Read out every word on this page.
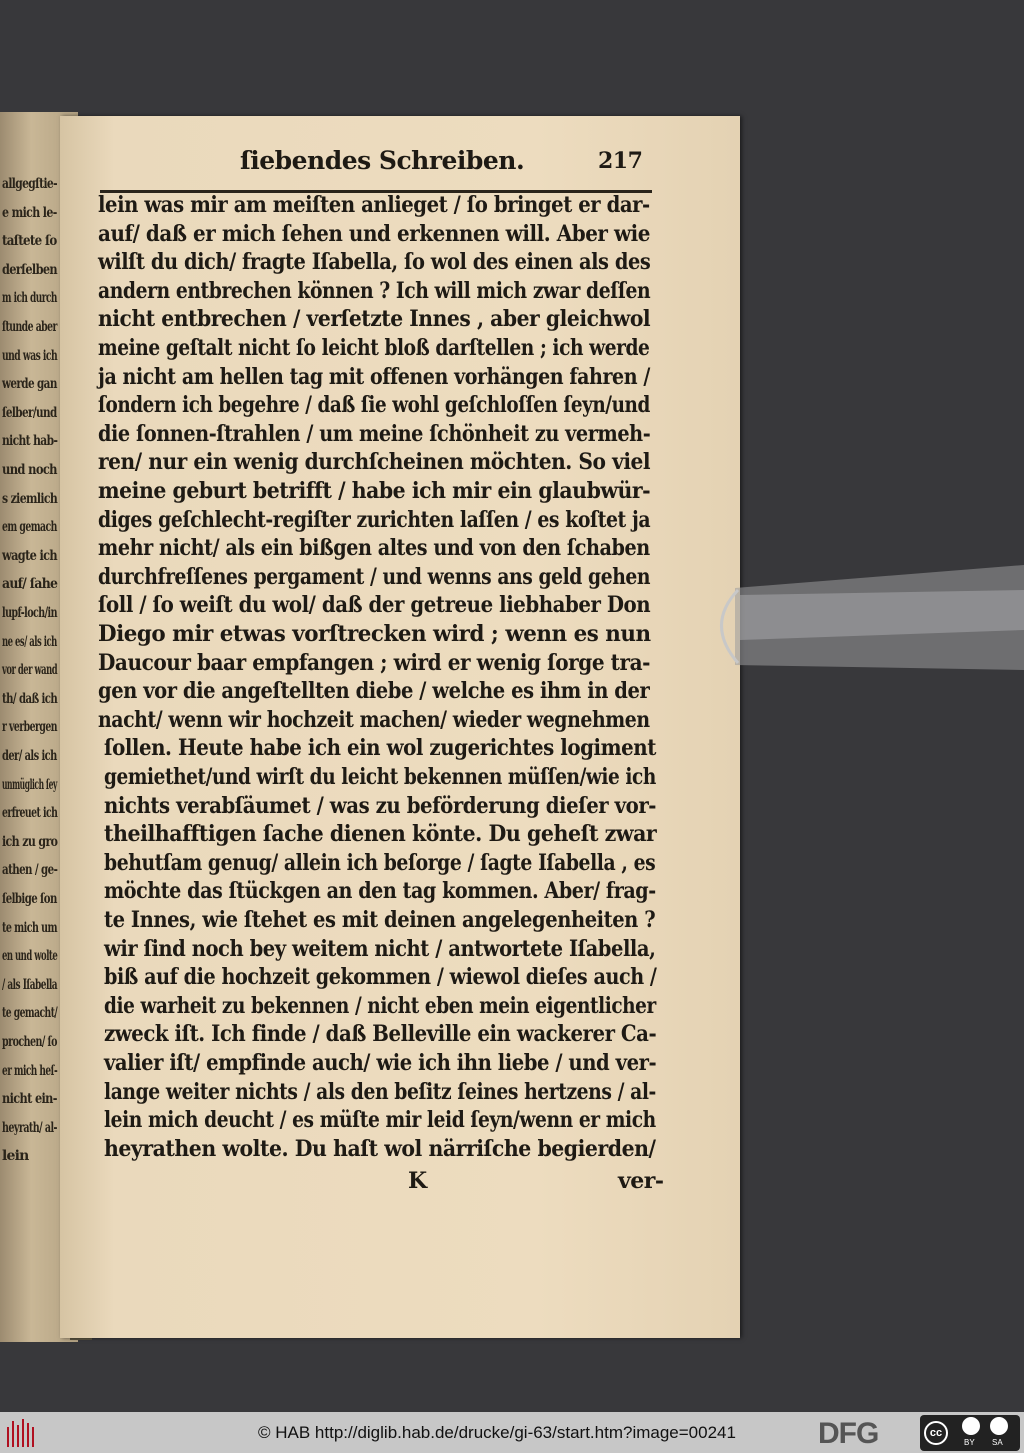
allgegſtie-
e mich le-
taſtete ſo
derſelben
m ich durch
ſtunde aber
und was ich
werde gan
ſelber/und
nicht hab-
und noch
s ziemlich
em gemach
wagte ich
auf/ ſahe
lupf-loch/in
ne es/ als ich
vor der wand
th/ daß ich
r verbergen
der/ als ich
unmüglich ſey
erfreuet ich
ich zu gro
athen / ge-
ſelbige ſon
te mich um
en und wolte
/ als Iſabella
te gemacht/
prochen/ ſo
er mich heſ-
nicht ein-
heyrath/ al-
lein
ſiebendes Schreiben.	217
lein was mir am meiſten anlieget / ſo bringet er dar-
auf/ daß er mich ſehen und erkennen will. Aber wie
wilſt du dich/ fragte Iſabella, ſo wol des einen als des
andern entbrechen können ? Ich will mich zwar deſſen
nicht entbrechen / verſetzte Innes , aber gleichwol
meine geſtalt nicht ſo leicht bloß darſtellen ; ich werde
ja nicht am hellen tag mit offenen vorhängen fahren /
ſondern ich begehre / daß ſie wohl geſchloſſen ſeyn/und
die ſonnen-ſtrahlen / um meine ſchönheit zu vermeh-
ren/ nur ein wenig durchſcheinen möchten. So viel
meine geburt betrifft / habe ich mir ein glaubwür-
diges geſchlecht-regiſter zurichten laſſen / es koſtet ja
mehr nicht/ als ein bißgen altes und von den ſchaben
durchfreſſenes pergament / und wenns ans geld gehen
ſoll / ſo weiſt du wol/ daß der getreue liebhaber Don
Diego mir etwas vorſtrecken wird ; wenn es nun
Daucour baar empfangen ; wird er wenig ſorge tra-
gen vor die angeſtellten diebe / welche es ihm in der
nacht/ wenn wir hochzeit machen/ wieder wegnehmen
ſollen. Heute habe ich ein wol zugerichtes logiment
gemiethet/und wirſt du leicht bekennen müſſen/wie ich
nichts verabſäumet / was zu beförderung dieſer vor-
theilhafftigen ſache dienen könte. Du geheſt zwar
behutſam genug/ allein ich beſorge / ſagte Iſabella , es
möchte das ſtückgen an den tag kommen. Aber/ frag-
te Innes, wie ſtehet es mit deinen angelegenheiten ?
wir ſind noch bey weitem nicht / antwortete Iſabella,
biß auf die hochzeit gekommen / wiewol dieſes auch /
die warheit zu bekennen / nicht eben mein eigentlicher
zweck iſt. Ich finde / daß Belleville ein wackerer Ca-
valier iſt/ empfinde auch/ wie ich ihn liebe / und ver-
lange weiter nichts / als den beſitz ſeines hertzens / al-
lein mich deucht / es müſte mir leid ſeyn/wenn er mich
heyrathen wolte. Du haſt wol närriſche begierden/
K	ver-
© HAB http://diglib.hab.de/drucke/gi-63/start.htm?image=00241	DFG	cc
BY SA
